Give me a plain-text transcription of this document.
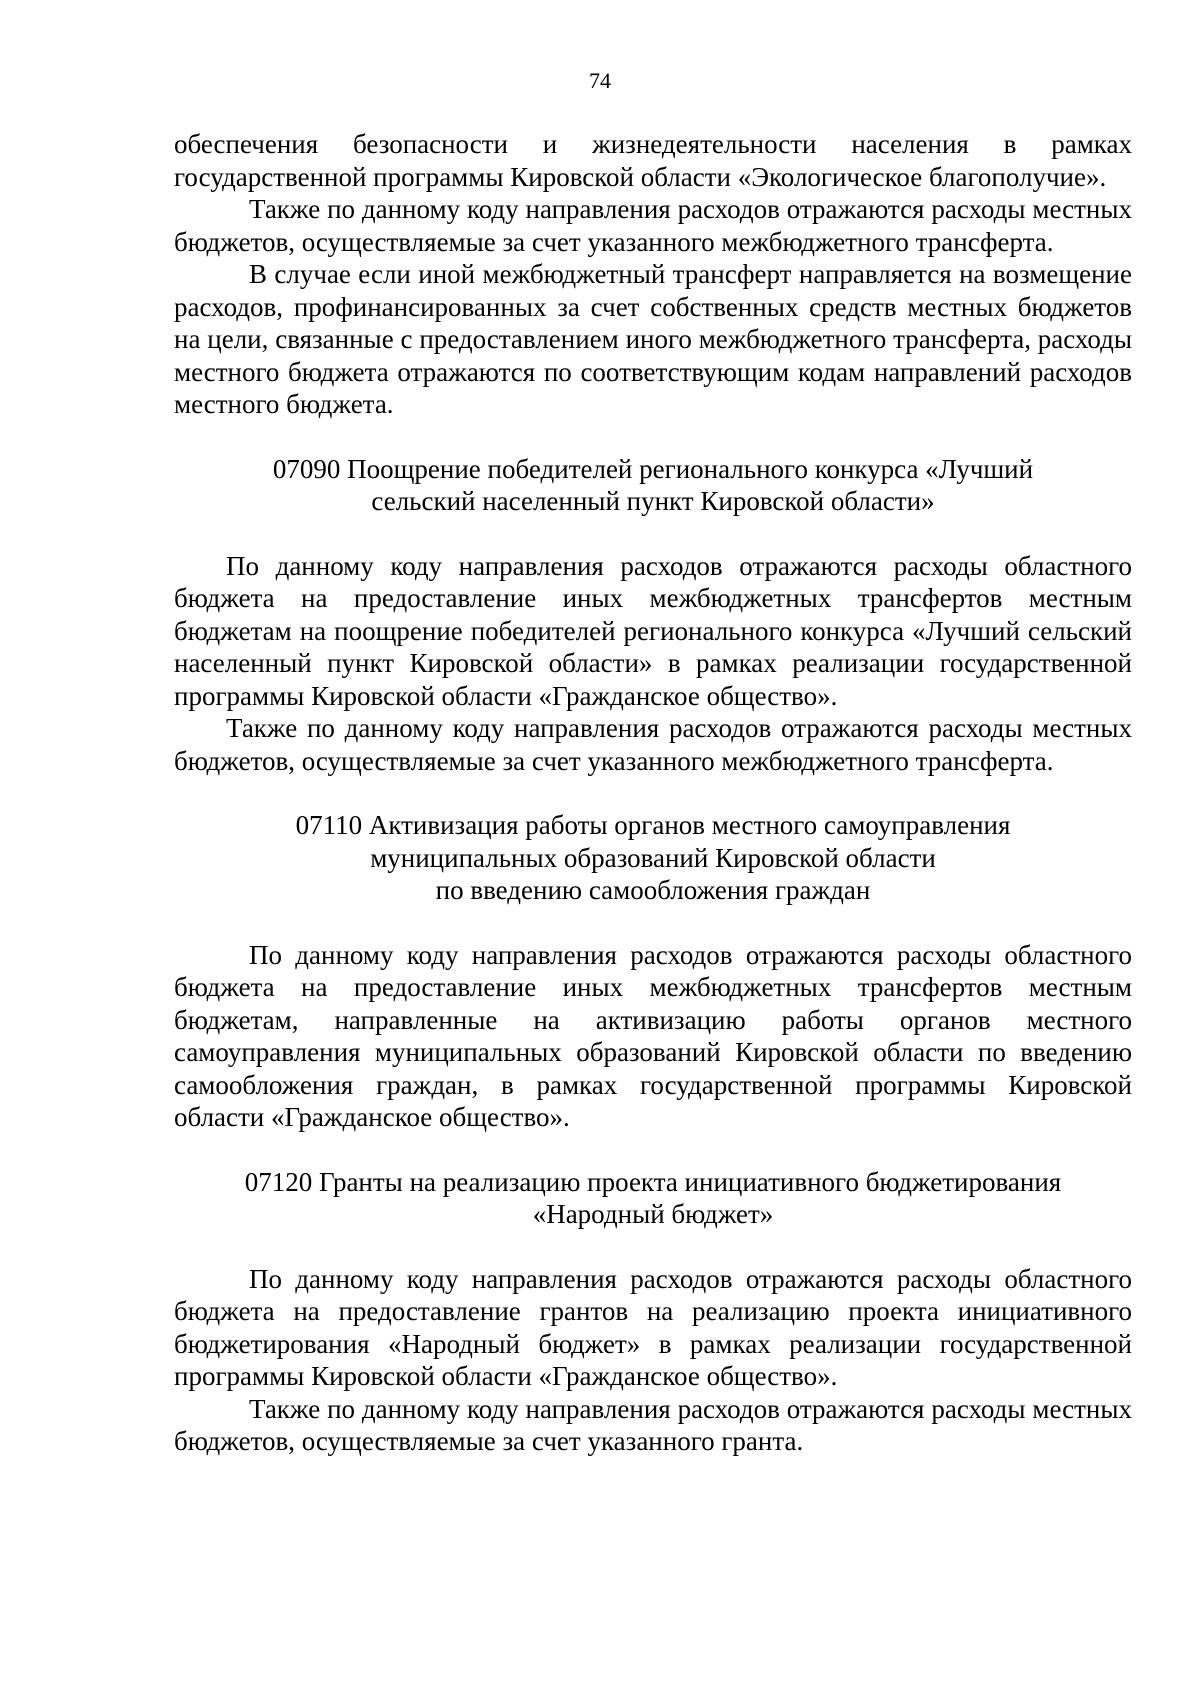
74

обеспечения безопасности и жизнедеятельности населения в рамках государственной программы Кировской области «Экологическое благополучие».

Также по данному коду направления расходов отражаются расходы местных бюджетов, осуществляемые за счет указанного межбюджетного трансферта.

В случае если иной межбюджетный трансферт направляется на возмещение расходов, профинансированных за счет собственных средств местных бюджетов на цели, связанные с предоставлением иного межбюджетного трансферта, расходы местного бюджета отражаются по соответствующим кодам направлений расходов местного бюджета.

07090 Поощрение победителей регионального конкурса «Лучший
сельский населенный пункт Кировской области»

По данному коду направления расходов отражаются расходы областного бюджета на предоставление иных межбюджетных трансфертов местным бюджетам на поощрение победителей регионального конкурса «Лучший сельский населенный пункт Кировской области» в рамках реализации государственной программы Кировской области «Гражданское общество».

Также по данному коду направления расходов отражаются расходы местных бюджетов, осуществляемые за счет указанного межбюджетного трансферта.

07110 Активизация работы органов местного самоуправления
муниципальных образований Кировской области
по введению самообложения граждан

По данному коду направления расходов отражаются расходы областного бюджета на предоставление иных межбюджетных трансфертов местным бюджетам, направленные на активизацию работы органов местного самоуправления муниципальных образований Кировской области по введению самообложения граждан, в рамках государственной программы Кировской области «Гражданское общество».

07120 Гранты на реализацию проекта инициативного бюджетирования
«Народный бюджет»

По данному коду направления расходов отражаются расходы областного бюджета на предоставление грантов на реализацию проекта инициативного бюджетирования «Народный бюджет» в рамках реализации государственной программы Кировской области «Гражданское общество».

Также по данному коду направления расходов отражаются расходы местных бюджетов, осуществляемые за счет указанного гранта.
